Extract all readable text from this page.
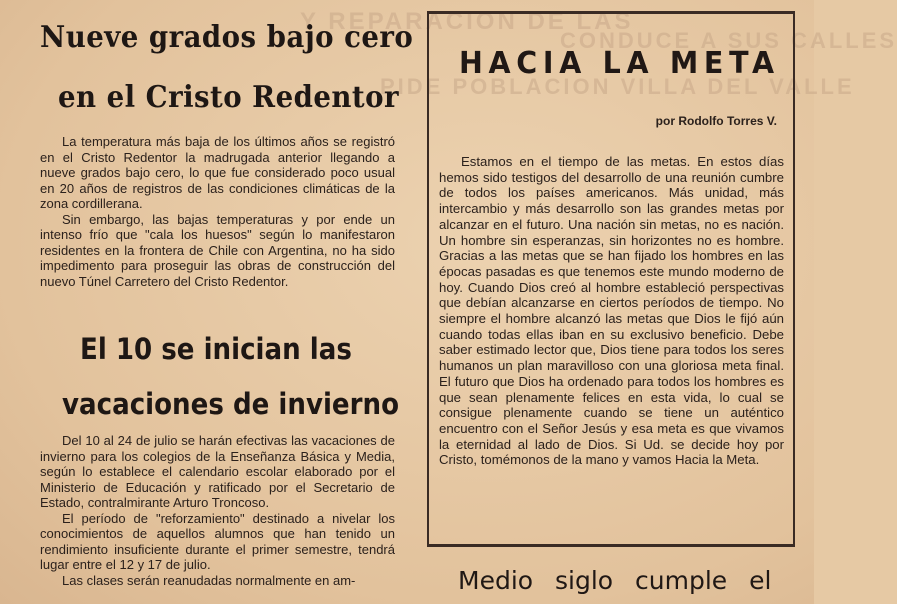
Y REPARACION DE LAS
CONDUCE A SUS CALLES
PIDE POBLACION VILLA DEL VALLE
Nueve grados bajo cero
en el Cristo Redentor

La temperatura más baja de los últimos años se registró en el Cristo Redentor la madrugada anterior llegando a nueve grados bajo cero, lo que fue considerado poco usual en 20 años de registros de las condiciones climáticas de la zona cordillerana.

Sin embargo, las bajas temperaturas y por ende un intenso frío que "cala los huesos" según lo manifestaron residentes en la frontera de Chile con Argentina, no ha sido impedimento para proseguir las obras de construcción del nuevo Túnel Carretero del Cristo Redentor.

El 10 se inician las
vacaciones de invierno

Del 10 al 24 de julio se harán efectivas las vacaciones de invierno para los colegios de la Enseñanza Básica y Media, según lo establece el calendario escolar elaborado por el Ministerio de Educación y ratificado por el Secretario de Estado, contralmirante Arturo Troncoso.

El período de "reforzamiento" destinado a nivelar los conocimientos de aquellos alumnos que han tenido un rendimiento insuficiente durante el primer semestre, tendrá lugar entre el 12 y 17 de julio.

Las clases serán reanudadas normalmente en am-

HACIA LA META
por Rodolfo Torres V.

Estamos en el tiempo de las metas. En estos días hemos sido testigos del desarrollo de una reunión cumbre de todos los países americanos. Más unidad, más intercambio y más desarrollo son las grandes metas por alcanzar en el futuro. Una nación sin metas, no es nación. Un hombre sin esperanzas, sin horizontes no es hombre. Gracias a las metas que se han fijado los hombres en las épocas pasadas es que tenemos este mundo moderno de hoy. Cuando Dios creó al hombre estableció perspectivas que debían alcanzarse en ciertos períodos de tiempo. No siempre el hombre alcanzó las metas que Dios le fijó aún cuando todas ellas iban en su exclusivo beneficio. Debe saber estimado lector que, Dios tiene para todos los seres humanos un plan maravilloso con una gloriosa meta final. El futuro que Dios ha ordenado para todos los hombres es que sean plenamente felices en esta vida, lo cual se consigue plenamente cuando se tiene un auténtico encuentro con el Señor Jesús y esa meta es que vivamos la eternidad al lado de Dios. Si Ud. se decide hoy por Cristo, tomémonos de la mano y vamos Hacia la Meta.

Medio siglo cumple el
